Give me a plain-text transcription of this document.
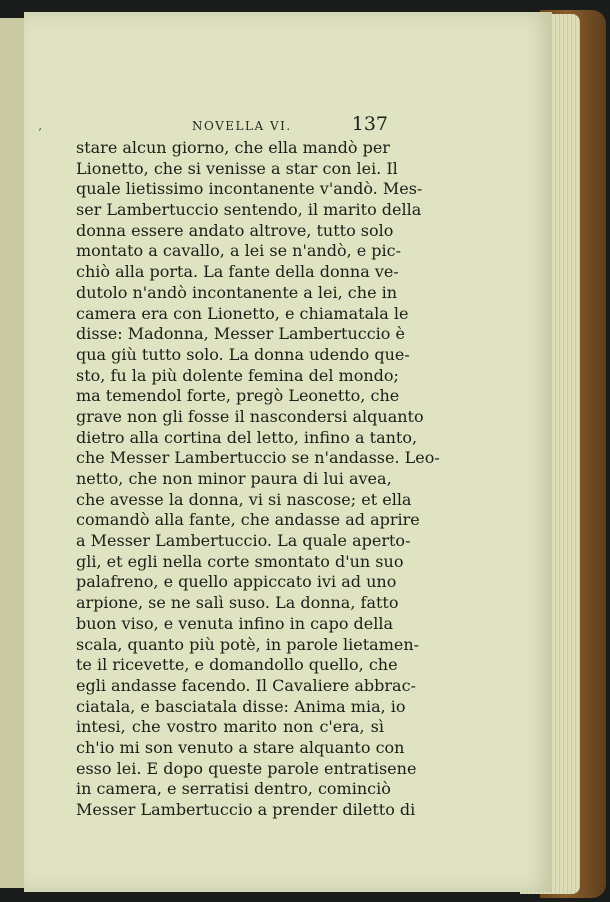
’	NOVELLA VI.	137
stare alcun giorno, che ella mandò per
Lionetto, che si venisse a star con lei. Il
quale lietissimo incontanente v'andò. Mes-
ser Lambertuccio sentendo, il marito della
donna essere andato altrove, tutto solo
montato a cavallo, a lei se n'andò, e pic-
chiò alla porta. La fante della donna ve-
dutolo n'andò incontanente a lei, che in
camera era con Lionetto, e chiamatala le
disse: Madonna, Messer Lambertuccio è
qua giù tutto solo. La donna udendo que-
sto, fu la più dolente femina del mondo;
ma temendol forte, pregò Leonetto, che
grave non gli fosse il nascondersi alquanto
dietro alla cortina del letto, infino a tanto,
che Messer Lambertuccio se n'andasse. Leo-
netto, che non minor paura di lui avea,
che avesse la donna, vi si nascose; et ella
comandò alla fante, che andasse ad aprire
a Messer Lambertuccio. La quale aperto-
gli, et egli nella corte smontato d'un suo
palafreno, e quello appiccato ivi ad uno
arpione, se ne salì suso. La donna, fatto
buon viso, e venuta infino in capo della
scala, quanto più potè, in parole lietamen-
te il ricevette, e domandollo quello, che
egli andasse facendo. Il Cavaliere abbrac-
ciatala, e basciatala disse: Anima mia, io
intesi, che vostro marito non c'era, sì
ch'io mi son venuto a stare alquanto con
esso lei. E dopo queste parole entratisene
in camera, e serratisi dentro, cominciò
Messer Lambertuccio a prender diletto di
